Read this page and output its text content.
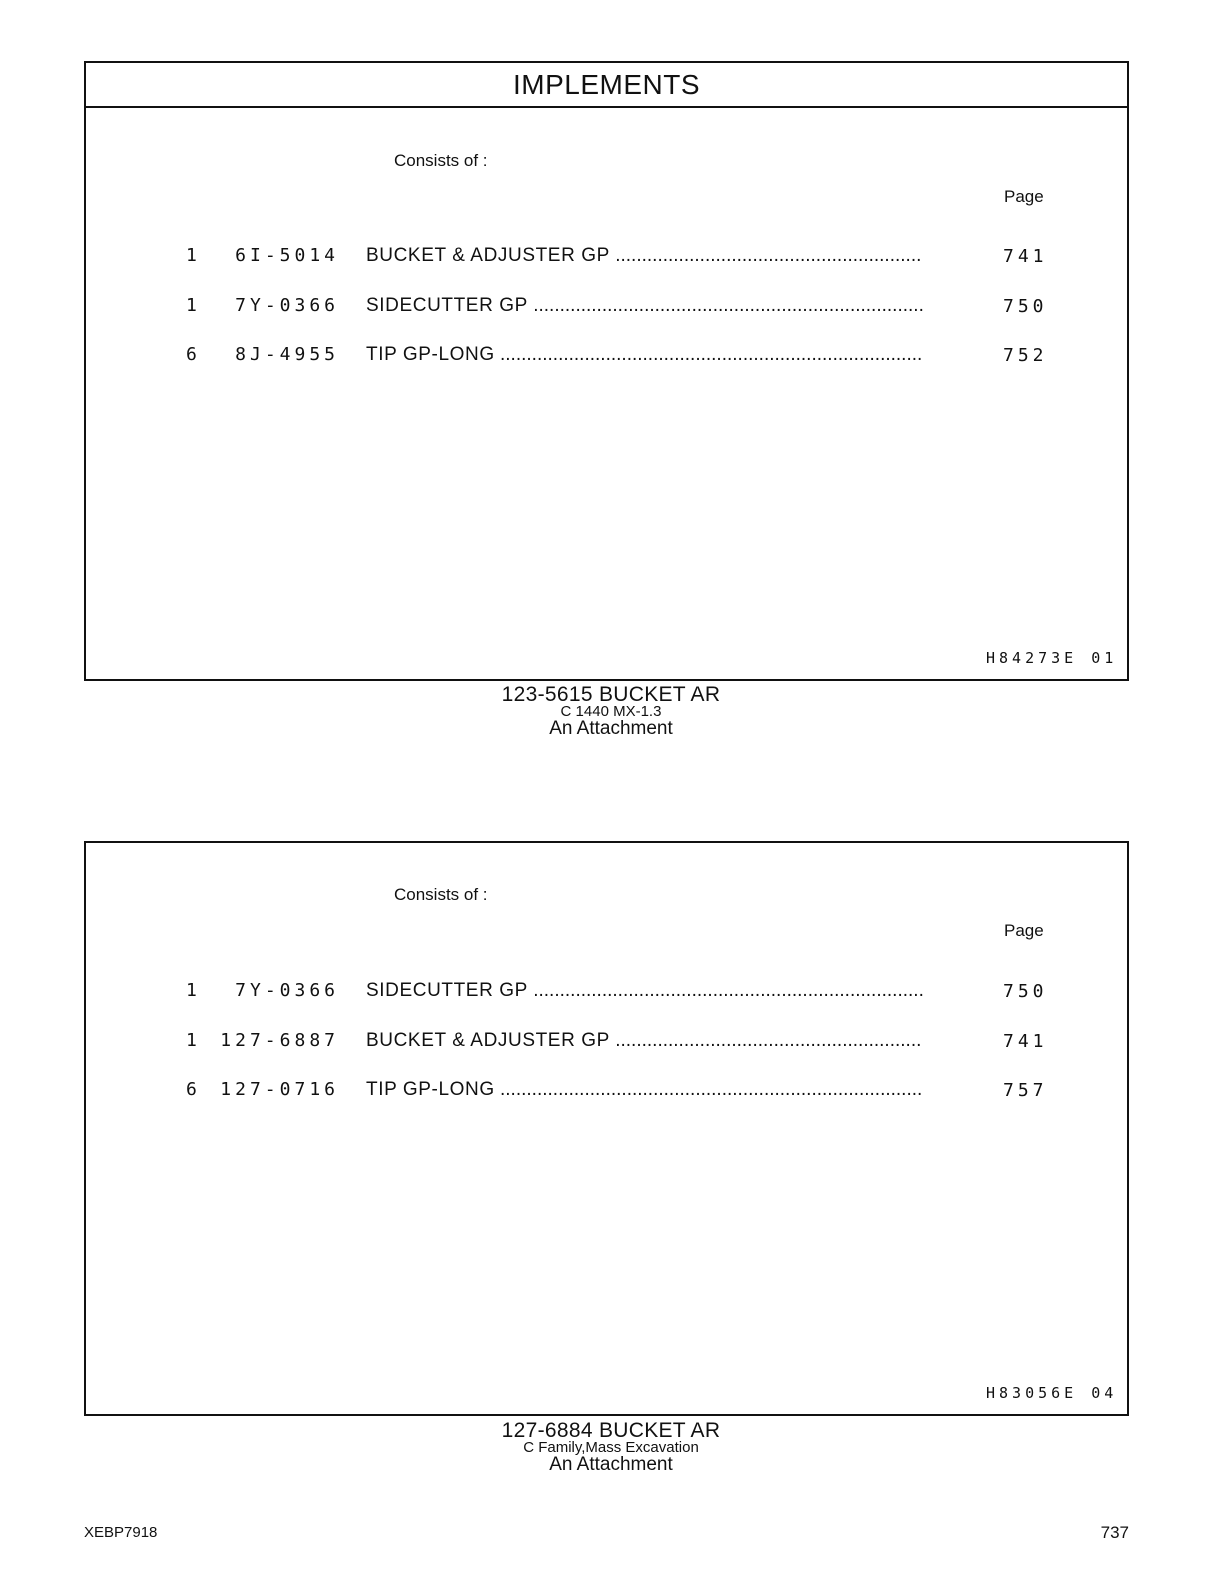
IMPLEMENTS
Consists of :
Page
1 6I-5014 BUCKET & ADJUSTER GP .....	741
1 7Y-0366 SIDECUTTER GP .....	750
6 8J-4955 TIP GP-LONG .....	752
H84273E 01
123-5615 BUCKET AR
C 1440 MX-1.3
An Attachment
Consists of :
Page
1 7Y-0366 SIDECUTTER GP .....	750
1 127-6887 BUCKET & ADJUSTER GP .....	741
6 127-0716 TIP GP-LONG .....	757
H83056E 04
127-6884 BUCKET AR
C Family,Mass Excavation
An Attachment
XEBP7918	737
